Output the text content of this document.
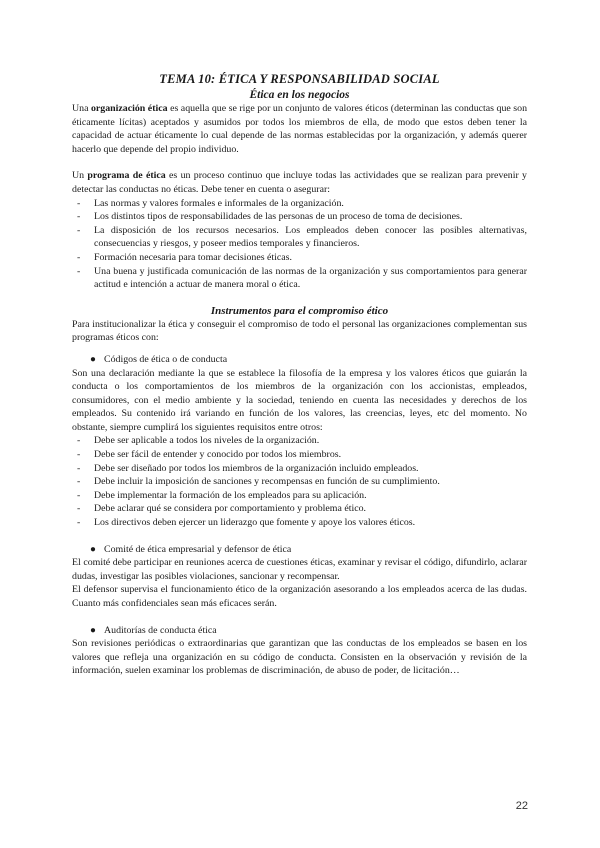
TEMA 10: ÉTICA Y RESPONSABILIDAD SOCIAL
Ética en los negocios

Una organización ética es aquella que se rige por un conjunto de valores éticos (determinan las conductas que son éticamente lícitas) aceptados y asumidos por todos los miembros de ella, de modo que estos deben tener la capacidad de actuar éticamente lo cual depende de las normas establecidas por la organización, y además querer hacerlo que depende del propio individuo.

Un programa de ética es un proceso continuo que incluye todas las actividades que se realizan para prevenir y detectar las conductas no éticas. Debe tener en cuenta o asegurar:

- Las normas y valores formales e informales de la organización.
- Los distintos tipos de responsabilidades de las personas de un proceso de toma de decisiones.
- La disposición de los recursos necesarios. Los empleados deben conocer las posibles alternativas, consecuencias y riesgos, y poseer medios temporales y financieros.
- Formación necesaria para tomar decisiones éticas.
- Una buena y justificada comunicación de las normas de la organización y sus comportamientos para generar actitud e intención a actuar de manera moral o ética.
Instrumentos para el compromiso ético

Para institucionalizar la ética y conseguir el compromiso de todo el personal las organizaciones complementan sus programas éticos con:

● Códigos de ética o de conducta

Son una declaración mediante la que se establece la filosofía de la empresa y los valores éticos que guiarán la conducta o los comportamientos de los miembros de la organización con los accionistas, empleados, consumidores, con el medio ambiente y la sociedad, teniendo en cuenta las necesidades y derechos de los empleados. Su contenido irá variando en función de los valores, las creencias, leyes, etc del momento. No obstante, siempre cumplirá los siguientes requisitos entre otros:

- Debe ser aplicable a todos los niveles de la organización.
- Debe ser fácil de entender y conocido por todos los miembros.
- Debe ser diseñado por todos los miembros de la organización incluido empleados.
- Debe incluir la imposición de sanciones y recompensas en función de su cumplimiento.
- Debe implementar la formación de los empleados para su aplicación.
- Debe aclarar qué se considera por comportamiento y problema ético.
- Los directivos deben ejercer un liderazgo que fomente y apoye los valores éticos.

● Comité de ética empresarial y defensor de ética

El comité debe participar en reuniones acerca de cuestiones éticas, examinar y revisar el código, difundirlo, aclarar dudas, investigar las posibles violaciones, sancionar y recompensar.

El defensor supervisa el funcionamiento ético de la organización asesorando a los empleados acerca de las dudas. Cuanto más confidenciales sean más eficaces serán.

● Auditorías de conducta ética

Son revisiones periódicas o extraordinarias que garantizan que las conductas de los empleados se basen en los valores que refleja una organización en su código de conducta. Consisten en la observación y revisión de la información, suelen examinar los problemas de discriminación, de abuso de poder, de licitación…

22
